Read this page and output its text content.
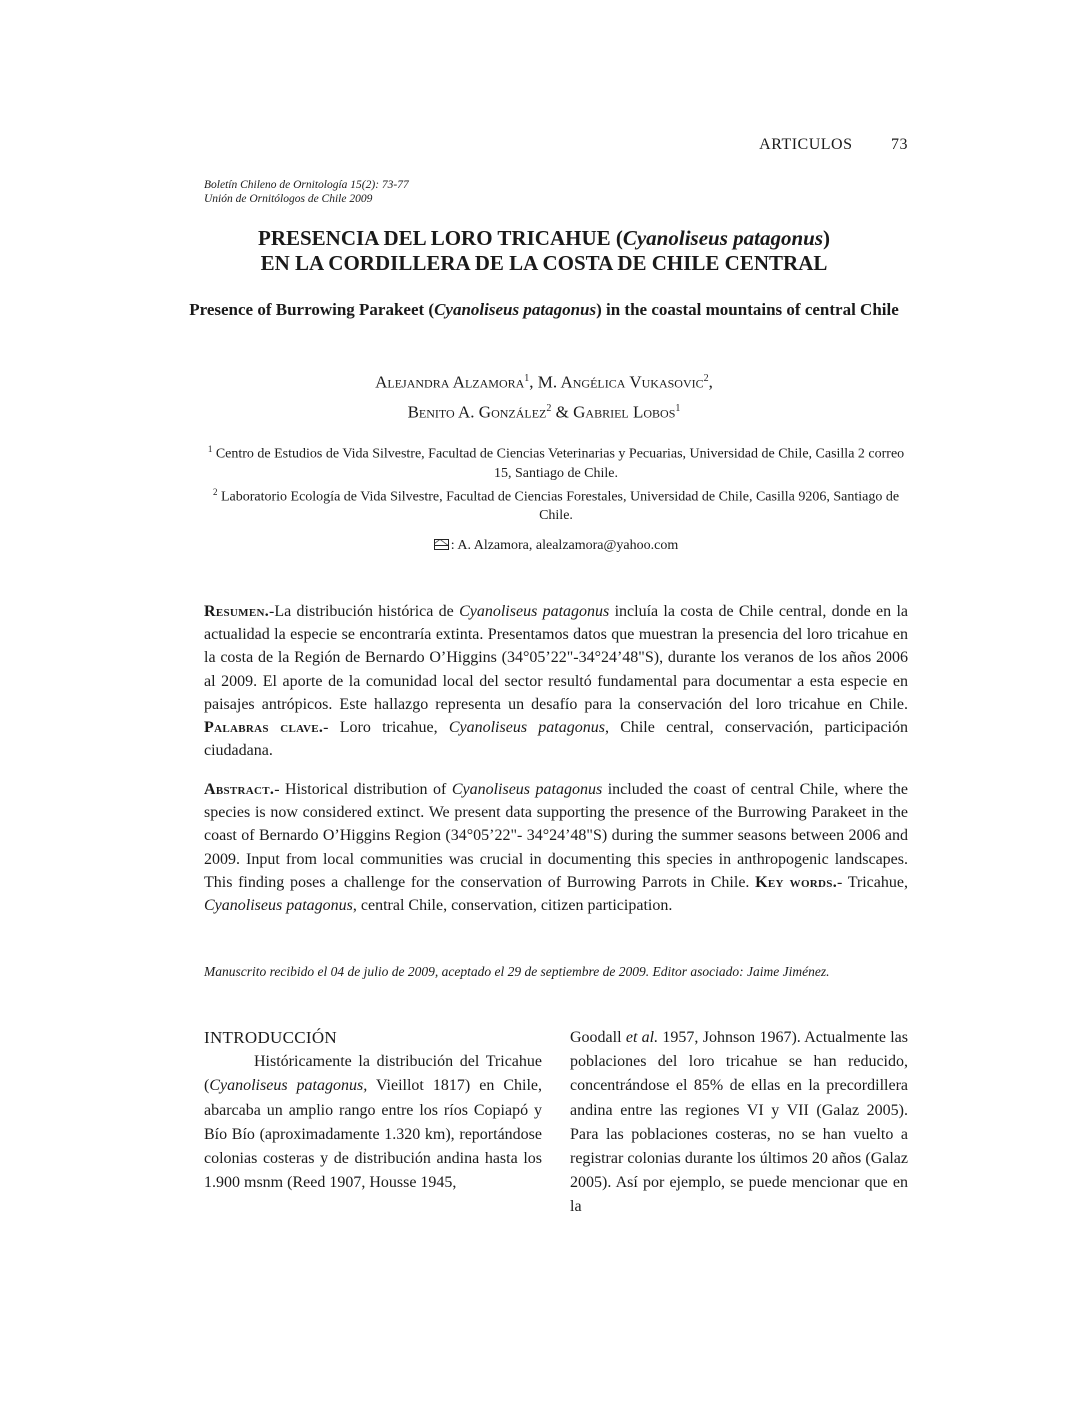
ARTICULOS 73
Boletín Chileno de Ornitología 15(2): 73-77
Unión de Ornitólogos de Chile 2009
PRESENCIA DEL LORO TRICAHUE (Cyanoliseus patagonus)
EN LA CORDILLERA DE LA COSTA DE CHILE CENTRAL
Presence of Burrowing Parakeet (Cyanoliseus patagonus) in the coastal mountains of central Chile
Alejandra Alzamora$^1$, M. Angélica Vukasovic$^2$,
Benito A. González$^2$ & Gabriel Lobos$^1$
$^1$ Centro de Estudios de Vida Silvestre, Facultad de Ciencias Veterinarias y Pecuarias, Universidad de Chile, Casilla 2 correo 15, Santiago de Chile.
$^2$ Laboratorio Ecología de Vida Silvestre, Facultad de Ciencias Forestales, Universidad de Chile, Casilla 9206, Santiago de Chile.
: A. Alzamora, alealzamora@yahoo.com
Resumen.-La distribución histórica de Cyanoliseus patagonus incluía la costa de Chile central, donde en la actualidad la especie se encontraría extinta. Presentamos datos que muestran la presencia del loro tricahue en la costa de la Región de Bernardo O’Higgins (34°05’22"-34°24’48"S), durante los veranos de los años 2006 al 2009. El aporte de la comunidad local del sector resultó fundamental para documentar a esta especie en paisajes antrópicos. Este hallazgo representa un desafío para la conservación del loro tricahue en Chile. Palabras clave.- Loro tricahue, Cyanoliseus patagonus, Chile central, conservación, participación ciudadana.
Abstract.- Historical distribution of Cyanoliseus patagonus included the coast of central Chile, where the species is now considered extinct. We present data supporting the presence of the Burrowing Parakeet in the coast of Bernardo O’Higgins Region (34°05’22"- 34°24’48"S) during the summer seasons between 2006 and 2009. Input from local communities was crucial in documenting this species in anthropogenic landscapes. This finding poses a challenge for the conservation of Burrowing Parrots in Chile. Key words.- Tricahue, Cyanoliseus patagonus, central Chile, conservation, citizen participation.
Manuscrito recibido el 04 de julio de 2009, aceptado el 29 de septiembre de 2009. Editor asociado: Jaime Jiménez.
INTRODUCCIÓN

Históricamente la distribución del Tricahue (Cyanoliseus patagonus, Vieillot 1817) en Chile, abarcaba un amplio rango entre los ríos Copiapó y Bío Bío (aproximadamente 1.320 km), reportándose colonias costeras y de distribución andina hasta los 1.900 msnm (Reed 1907, Housse 1945,

Goodall et al. 1957, Johnson 1967). Actualmente las poblaciones del loro tricahue se han reducido, concentrándose el 85% de ellas en la precordillera andina entre las regiones VI y VII (Galaz 2005). Para las poblaciones costeras, no se han vuelto a registrar colonias durante los últimos 20 años (Galaz 2005). Así por ejemplo, se puede mencionar que en la
